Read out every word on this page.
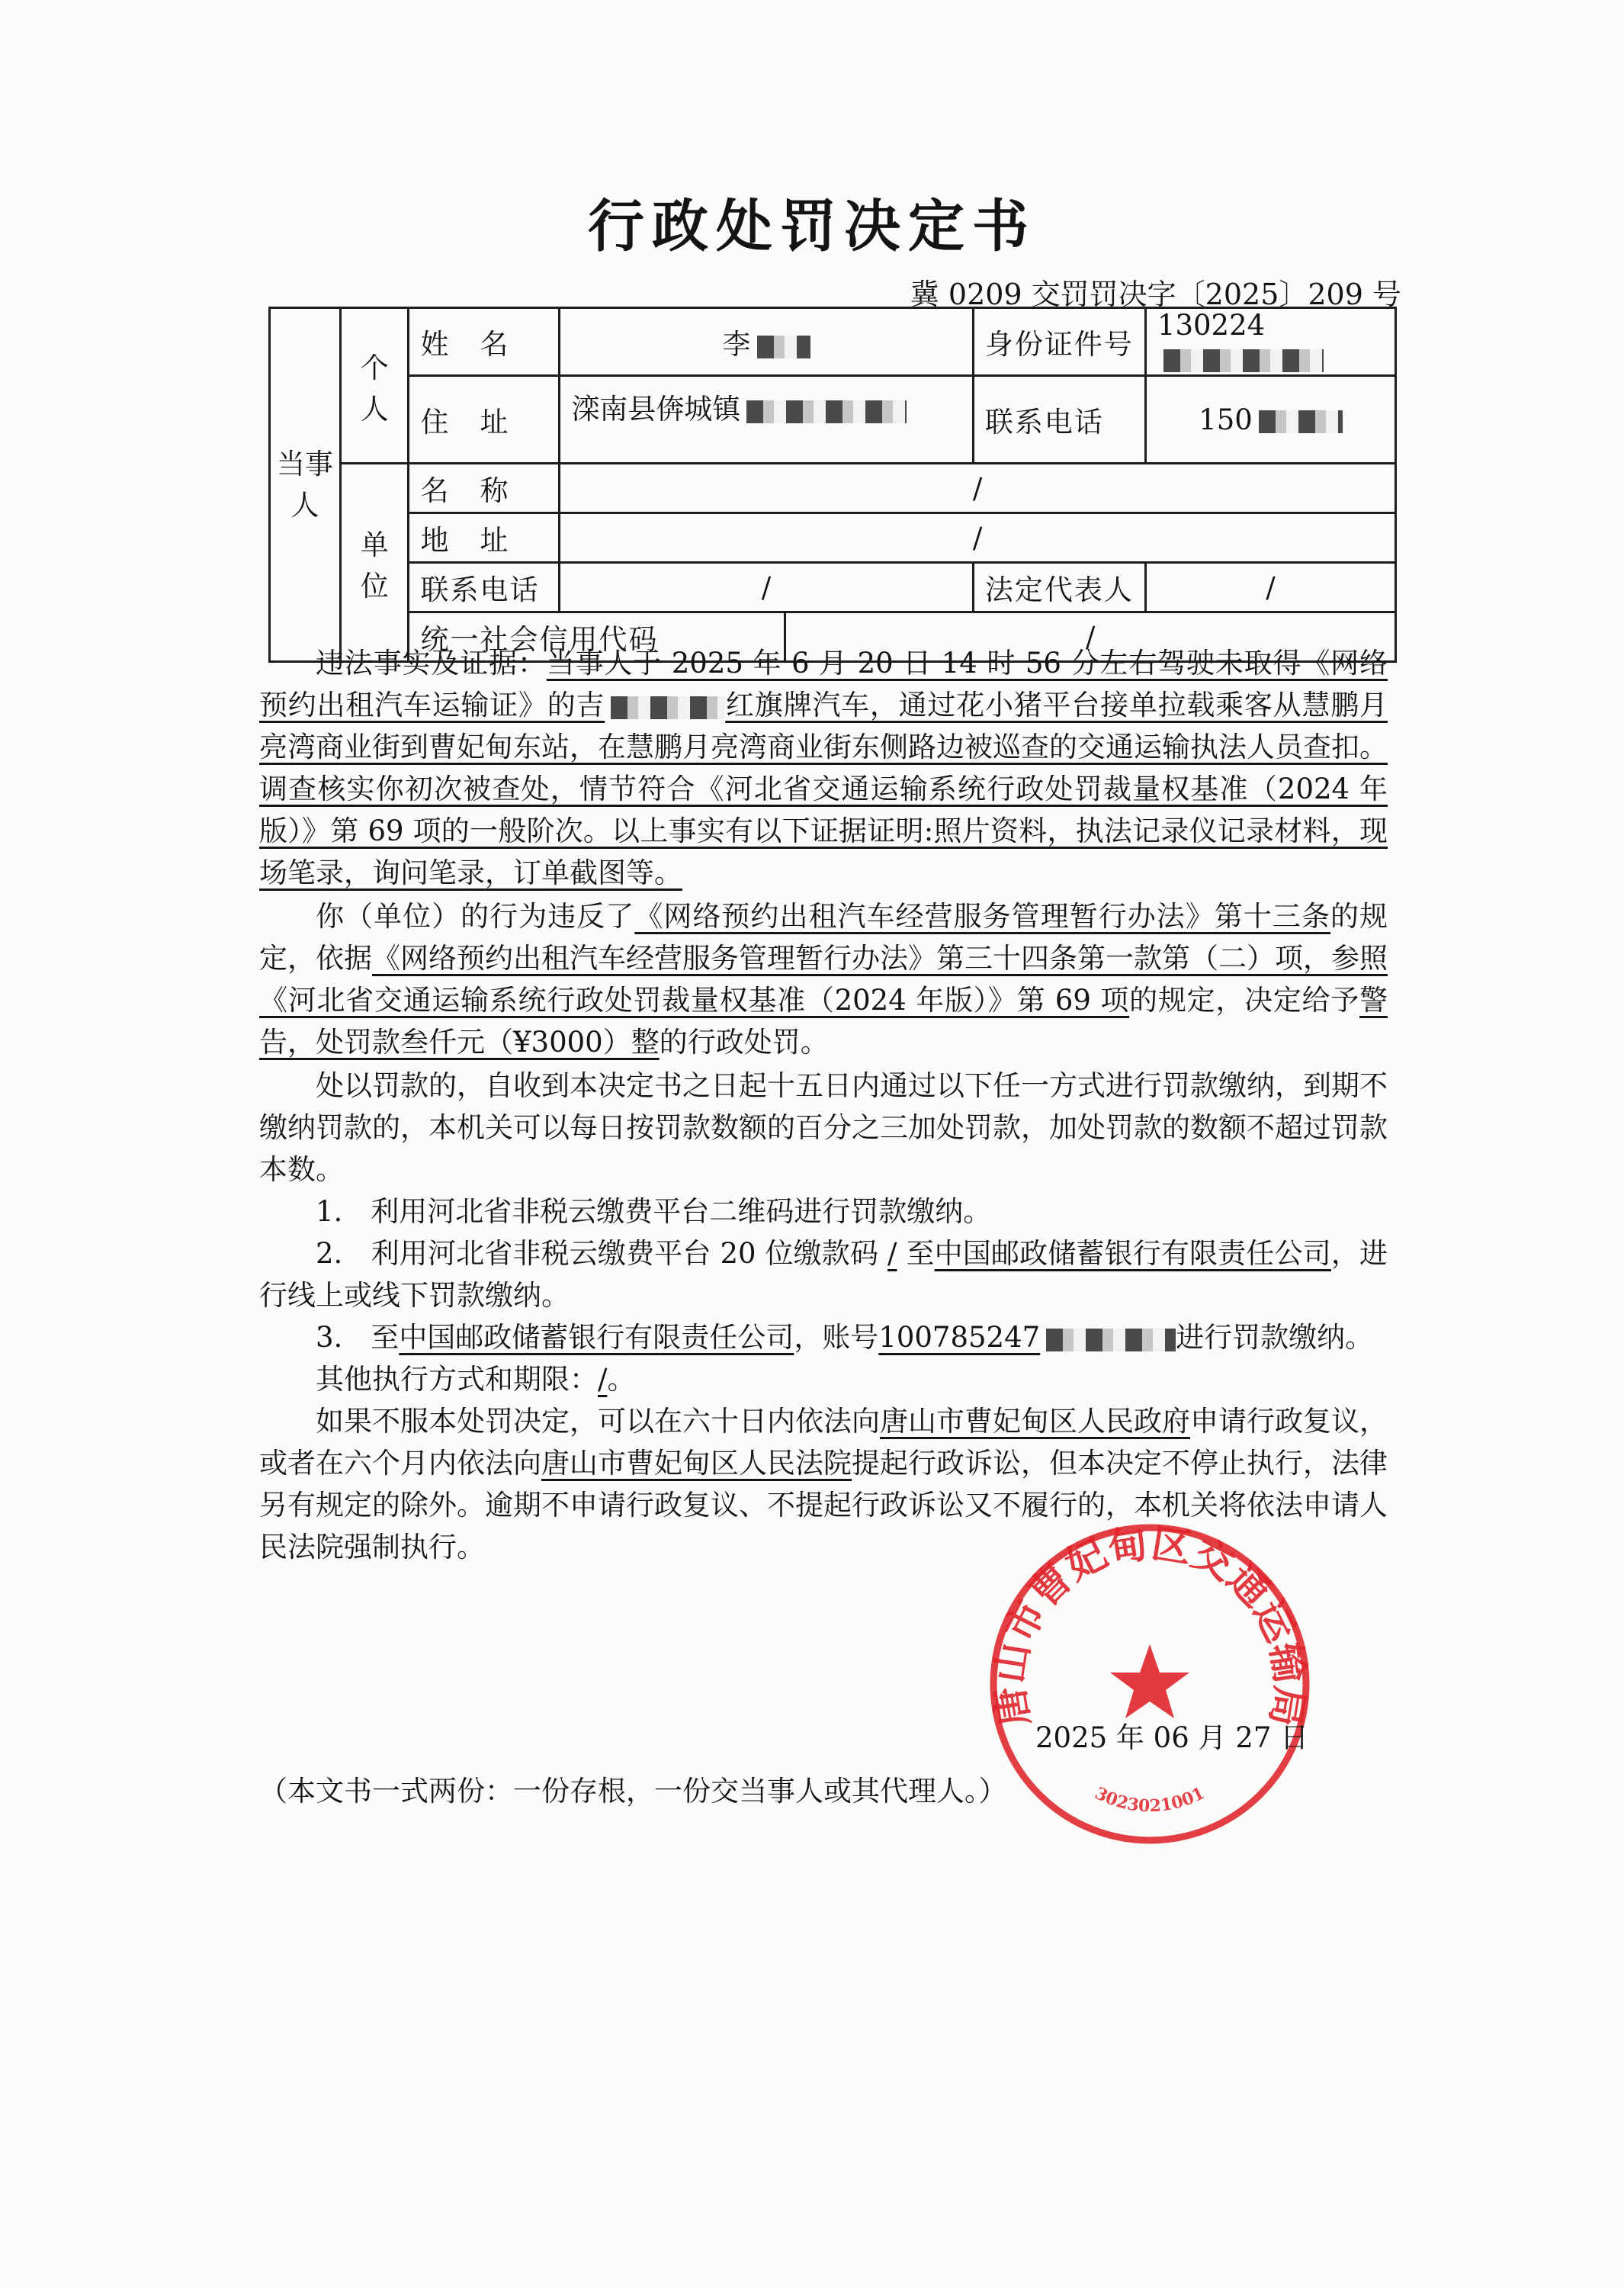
行政处罚决定书
冀 0209 交罚罚决字〔2025〕209 号
当事人	个人	姓　名	李		身份证件号	130224
		住　址	滦南县倴城镇		联系电话	150
	单位	名　称	/			
		地　址	/			
		联系电话	/		法定代表人	/
		统一社会信用代码		/		

违法事实及证据：当事人于 2025 年 6 月 20 日 14 时 56 分左右驾驶未取得《网络预约出租汽车运输证》的吉	红旗牌汽车，通过花小猪平台接单拉载乘客从慧鹏月亮湾商业街到曹妃甸东站，在慧鹏月亮湾商业街东侧路边被巡查的交通运输执法人员查扣。调查核实你初次被查处，情节符合《河北省交通运输系统行政处罚裁量权基准（2024 年版）》第 69 项的一般阶次。以上事实有以下证据证明:照片资料，执法记录仪记录材料，现场笔录，询问笔录，订单截图等。

你（单位）的行为违反了《网络预约出租汽车经营服务管理暂行办法》第十三条的规定，依据《网络预约出租汽车经营服务管理暂行办法》第三十四条第一款第（二）项，参照《河北省交通运输系统行政处罚裁量权基准（2024 年版）》第 69 项的规定，决定给予警告，处罚款叁仟元（¥3000）整的行政处罚。

处以罚款的，自收到本决定书之日起十五日内通过以下任一方式进行罚款缴纳，到期不缴纳罚款的，本机关可以每日按罚款数额的百分之三加处罚款，加处罚款的数额不超过罚款本数。

1.　利用河北省非税云缴费平台二维码进行罚款缴纳。

2.　利用河北省非税云缴费平台 20 位缴款码 / 至中国邮政储蓄银行有限责任公司，进行线上或线下罚款缴纳。

3.　至中国邮政储蓄银行有限责任公司，账号100785247	进行罚款缴纳。

其他执行方式和期限：/。

如果不服本处罚决定，可以在六十日内依法向唐山市曹妃甸区人民政府申请行政复议，或者在六个月内依法向唐山市曹妃甸区人民法院提起行政诉讼，但本决定不停止执行，法律另有规定的除外。逾期不申请行政复议、不提起行政诉讼又不履行的，本机关将依法申请人民法院强制执行。

唐山市曹妃甸区交通运输局
3023021001
2025 年 06 月 27 日
（本文书一式两份：一份存根，一份交当事人或其代理人。）
